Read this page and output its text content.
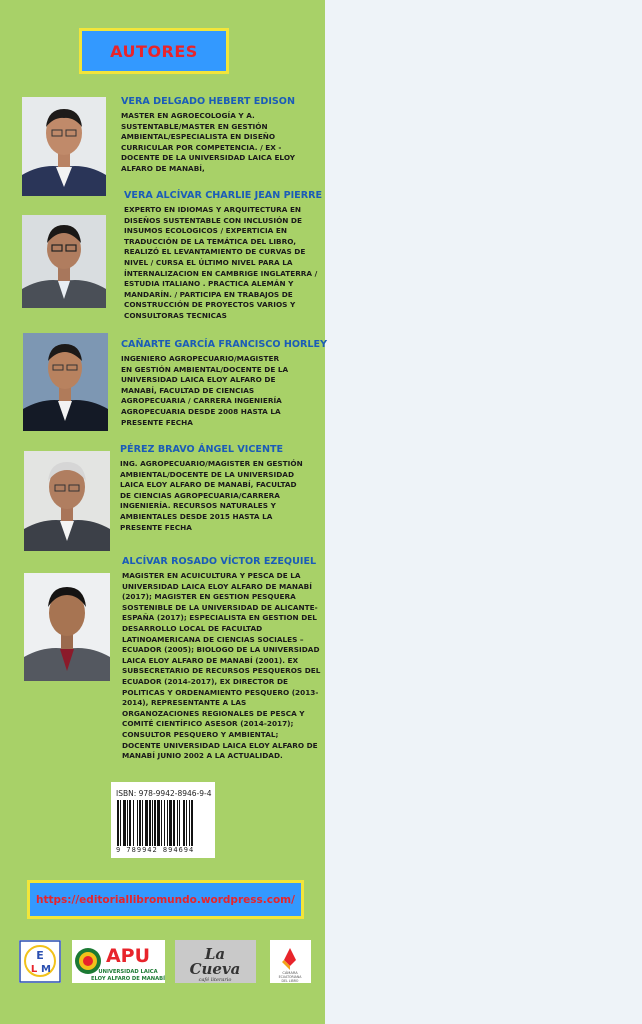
AUTORES
VERA DELGADO HEBERT EDISON
MASTER EN AGROECOLOGÍA Y A.
SUSTENTABLE/MASTER EN GESTIÓN
AMBIENTAL/ESPECIALISTA EN DISEÑO
CURRICULAR POR COMPETENCIA. / EX -
DOCENTE DE LA UNIVERSIDAD LAICA ELOY
ALFARO DE MANABÍ,
VERA ALCÍVAR CHARLIE JEAN PIERRE
EXPERTO EN IDIOMAS Y ARQUITECTURA EN
DISEÑOS SUSTENTABLE CON INCLUSIÓN DE
INSUMOS ECOLOGICOS / EXPERTICIA EN
TRADUCCIÓN DE LA TEMÁTICA DEL LIBRO,
REALIZÓ EL LEVANTAMIENTO DE CURVAS DE
NIVEL / CURSA EL ÚLTIMO NIVEL PARA LA
ÍNTERNALIZACION EN CAMBRIGE INGLATERRA /
ESTUDIA ITALIANO . PRACTICA ALEMÁN Y
MANDARÍN. / PARTICIPA EN TRABAJOS DE
CONSTRUCCIÓN DE PROYECTOS VARIOS Y
CONSULTORAS TECNICAS
CAÑARTE GARCÍA FRANCISCO HORLEY
INGENIERO AGROPECUARIO/MAGISTER
EN GESTIÓN AMBIENTAL/DOCENTE DE LA
UNIVERSIDAD LAICA ELOY ALFARO DE
MANABÍ, FACULTAD DE CIENCIAS
AGROPECUARIA / CARRERA INGENIERÍA
AGROPECUARIA DESDE 2008 HASTA LA
PRESENTE FECHA
PÉREZ BRAVO ÁNGEL VICENTE
ING. AGROPECUARIO/MAGISTER EN GESTIÓN
AMBIENTAL/DOCENTE DE LA UNIVERSIDAD
LAICA ELOY ALFARO DE MANABÍ, FACULTAD
DE CIENCIAS AGROPECUARIA/CARRERA
INGENIERÍA. RECURSOS NATURALES Y
AMBIENTALES DESDE 2015 HASTA LA
PRESENTE FECHA
ALCÍVAR ROSADO VÍCTOR EZEQUIEL
MAGISTER EN ACUICULTURA Y PESCA DE LA
UNIVERSIDAD LAICA ELOY ALFARO DE MANABÍ
(2017); MAGISTER EN GESTION PESQUERA
SOSTENIBLE DE LA UNIVERSIDAD DE ALICANTE-
ESPAÑA (2017); ESPECIALISTA EN GESTION DEL
DESARROLLO LOCAL DE FACULTAD
LATINOAMERICANA DE CIENCIAS SOCIALES –
ECUADOR (2005); BIOLOGO DE LA UNIVERSIDAD
LAICA ELOY ALFARO DE MANABÍ (2001). EX
SUBSECRETARIO DE RECURSOS PESQUEROS DEL
ECUADOR (2014-2017), EX DIRECTOR DE
POLITICAS Y ORDENAMIENTO PESQUERO (2013-
2014), REPRESENTANTE A LAS
ORGANOZACIONES REGIONALES DE PESCA Y
COMITÉ CIENTÍFICO ASESOR (2014-2017);
CONSULTOR PESQUERO Y AMBIENTAL;
DOCENTE UNIVERSIDAD LAICA ELOY ALFARO DE
MANABÍ JUNIO 2002 A LA ACTUALIDAD.
ISBN: 978-9942-8946-9-4
9 789942 894694
https://editoriallibromundo.wordpress.com/
E
L M
APU
UNIVERSIDAD LAICA
ELOY ALFARO DE MANABÍ
La
Cueva
café literario
CÁMARA
ECUATORIANA
DEL LIBRO
